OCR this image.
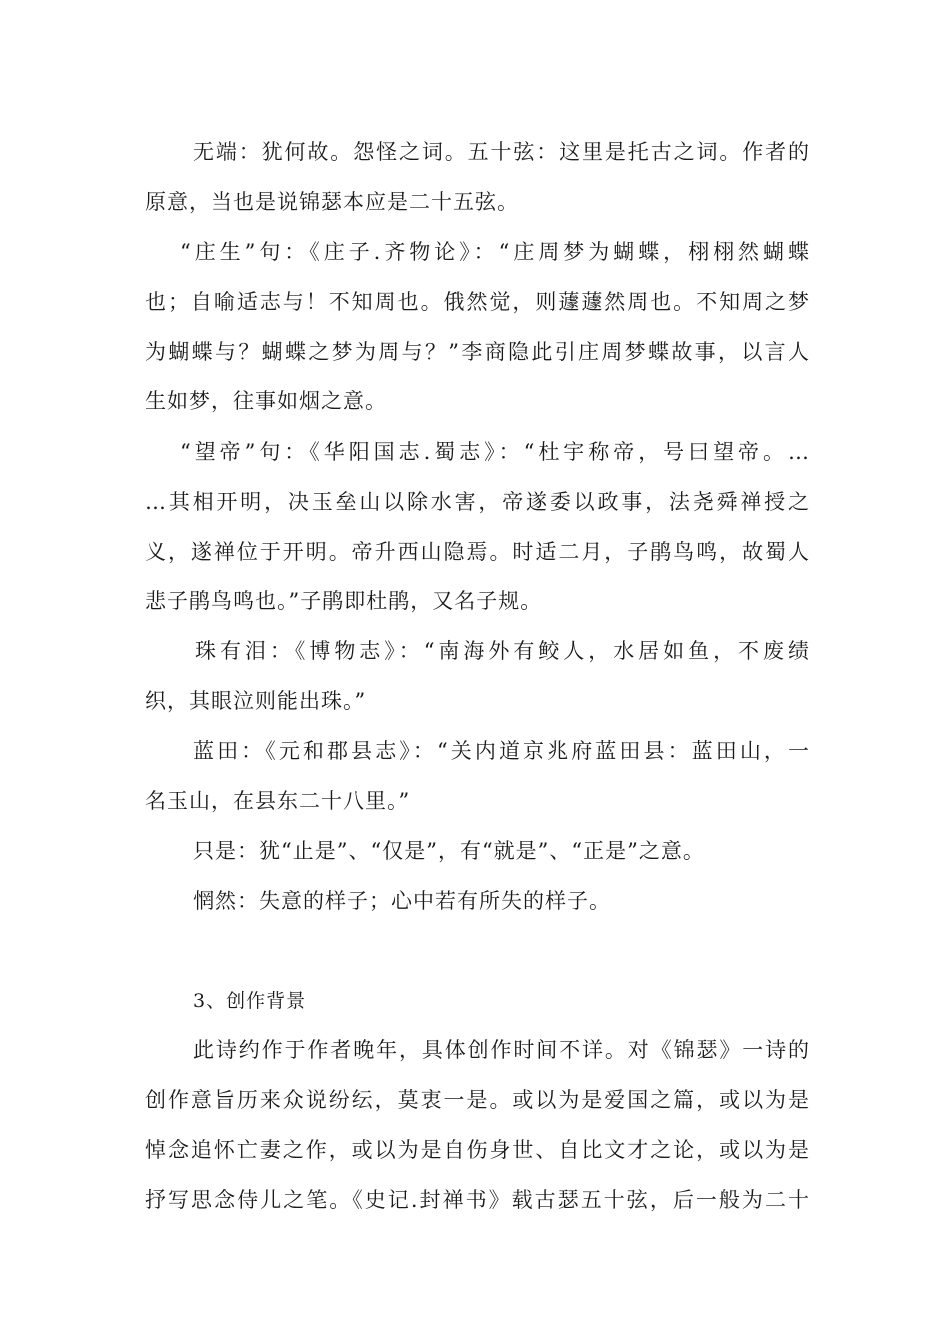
无端：犹何故。怨怪之词。五十弦：这里是托古之词。作者的
原意，当也是说锦瑟本应是二十五弦。
“庄生”句：《庄子.齐物论》：“庄周梦为蝴蝶，栩栩然蝴蝶
也；自喻适志与！不知周也。俄然觉，则蘧蘧然周也。不知周之梦
为蝴蝶与？蝴蝶之梦为周与？”李商隐此引庄周梦蝶故事，以言人
生如梦，往事如烟之意。
“望帝”句：《华阳国志.蜀志》：“杜宇称帝，号曰望帝。…
…其相开明，决玉垒山以除水害，帝遂委以政事，法尧舜禅授之
义，遂禅位于开明。帝升西山隐焉。时适二月，子鹃鸟鸣，故蜀人
悲子鹃鸟鸣也。”子鹃即杜鹃，又名子规。
珠有泪：《博物志》：“南海外有鲛人，水居如鱼，不废绩
织，其眼泣则能出珠。”
蓝田：《元和郡县志》：“关内道京兆府蓝田县：蓝田山，一
名玉山，在县东二十八里。”
只是：犹“止是”、“仅是”，有“就是”、“正是”之意。
惘然：失意的样子；心中若有所失的样子。
3、创作背景
此诗约作于作者晚年，具体创作时间不详。对《锦瑟》一诗的
创作意旨历来众说纷纭，莫衷一是。或以为是爱国之篇，或以为是
悼念追怀亡妻之作，或以为是自伤身世、自比文才之论，或以为是
抒写思念侍儿之笔。《史记.封禅书》载古瑟五十弦，后一般为二十
